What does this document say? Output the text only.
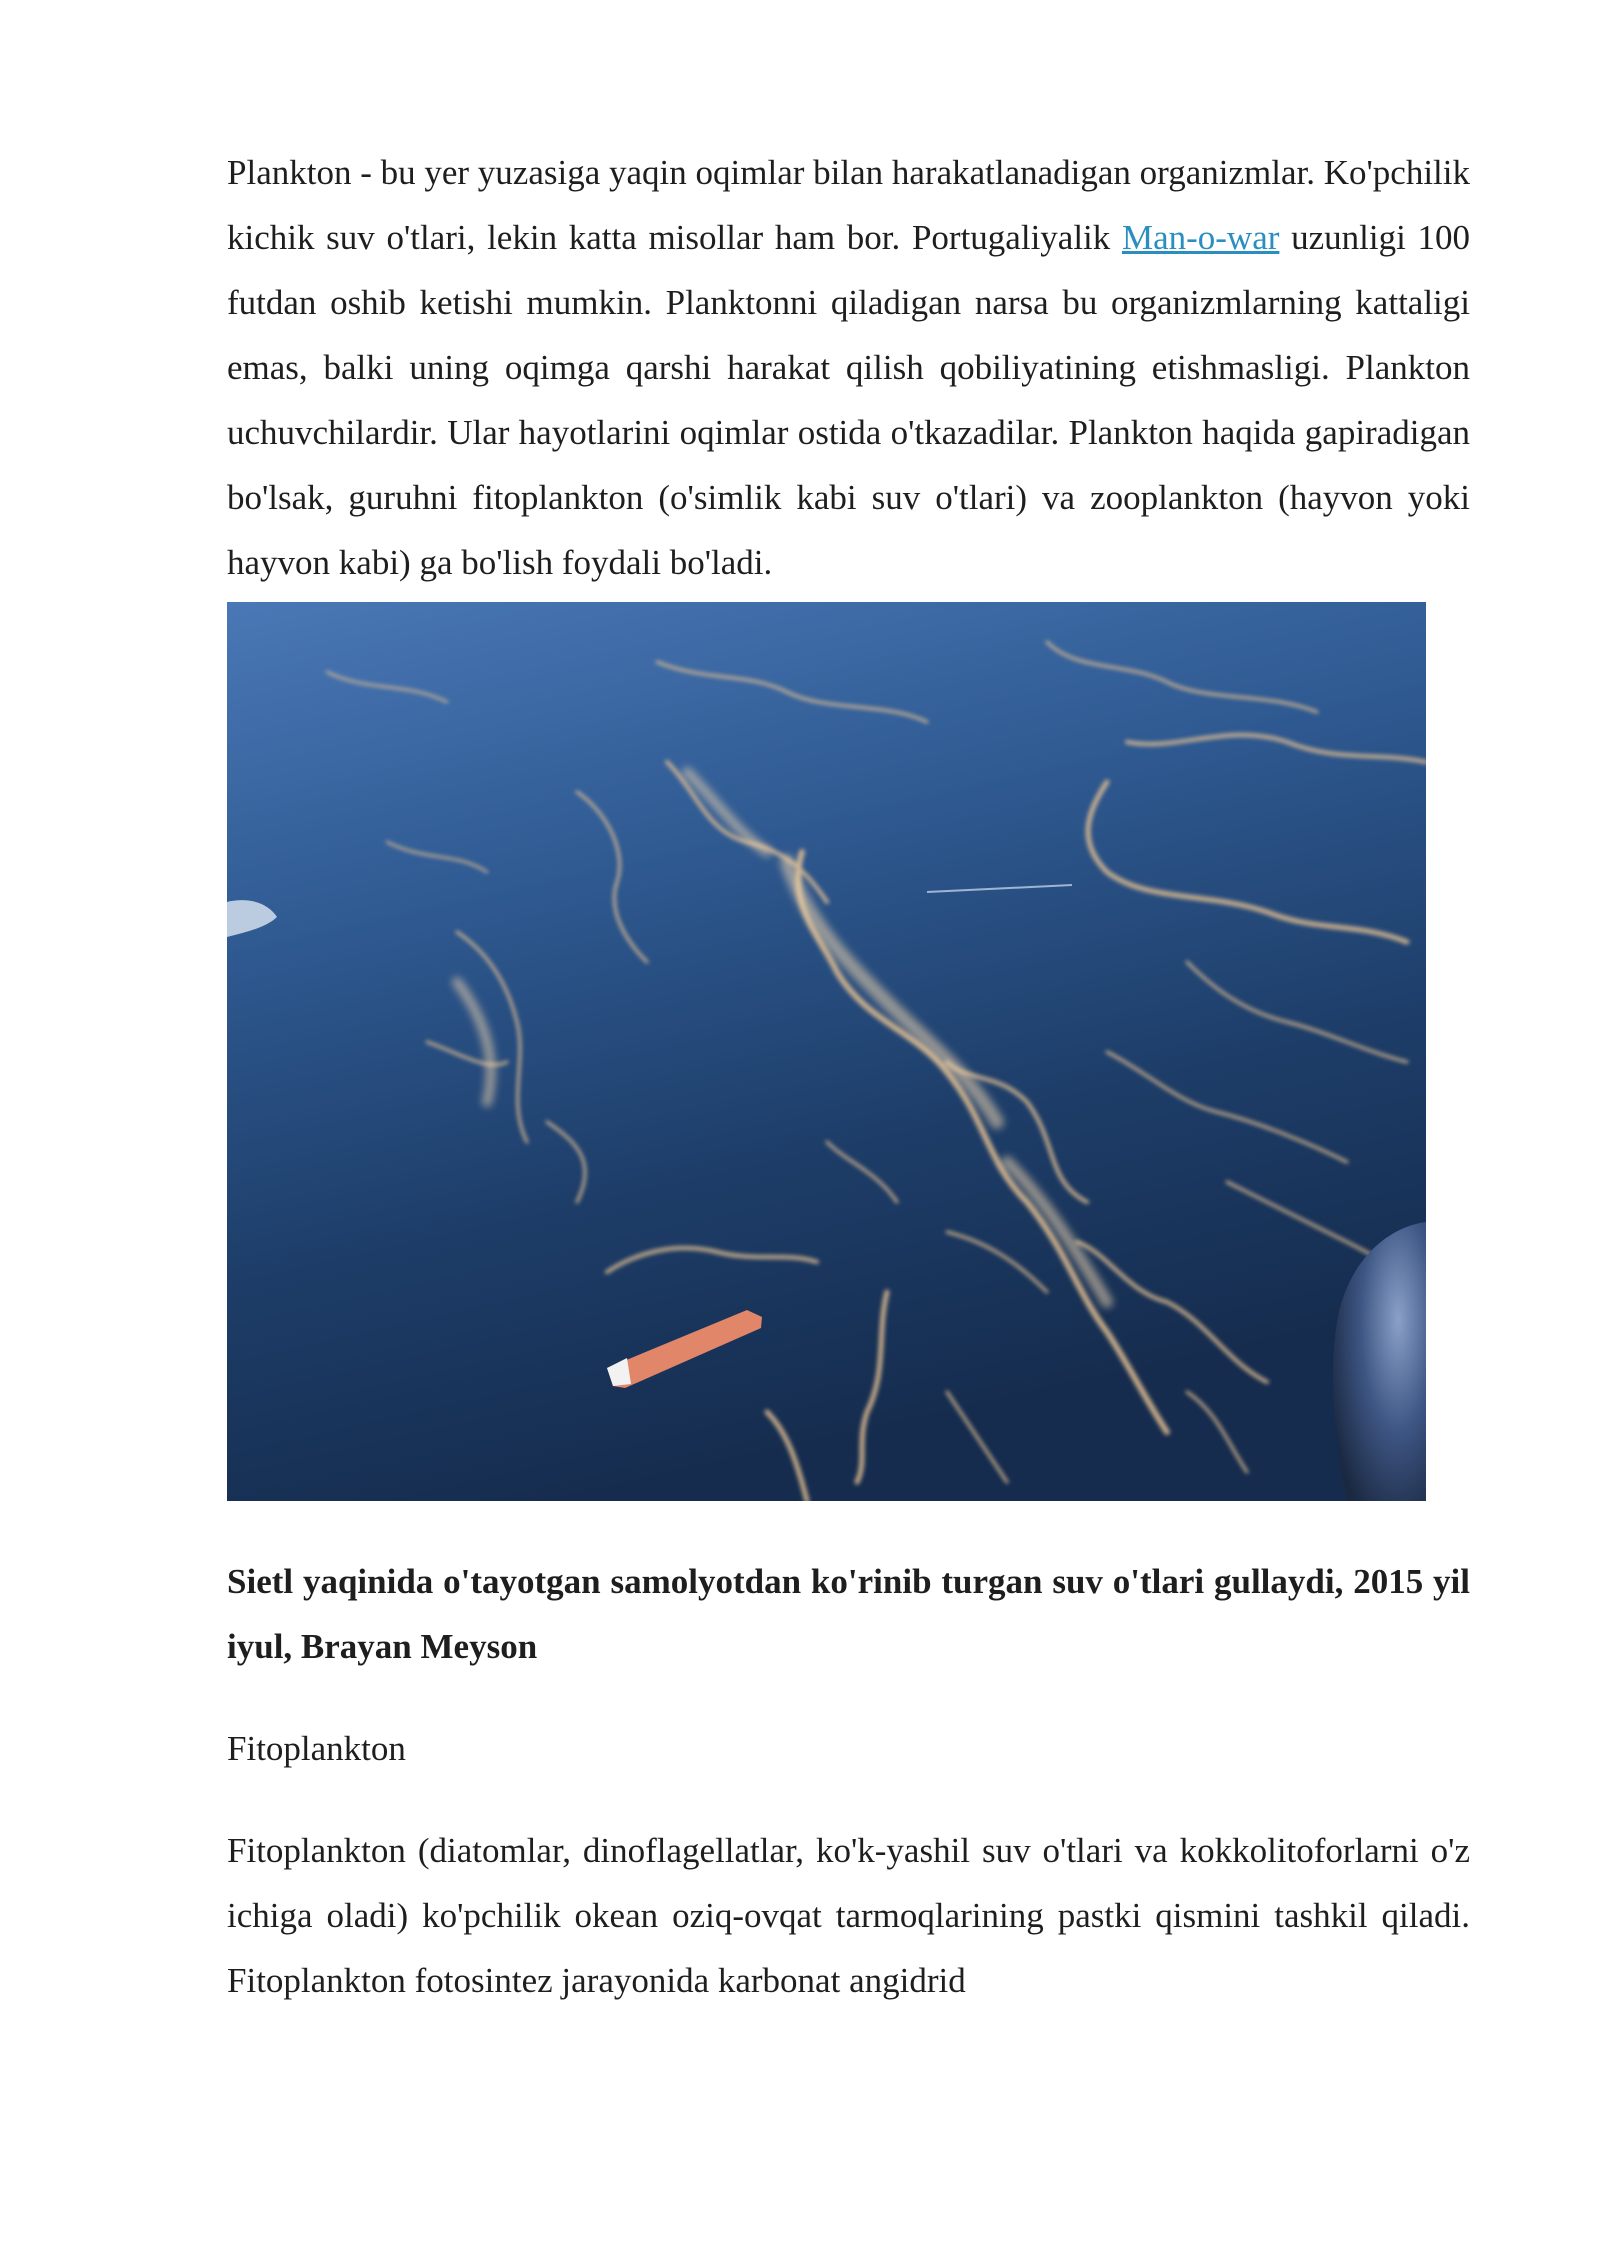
Plankton - bu yer yuzasiga yaqin oqimlar bilan harakatlanadigan organizmlar. Ko'pchilik kichik suv o'tlari, lekin katta misollar ham bor. Portugaliyalik Man-o-war uzunligi 100 futdan oshib ketishi mumkin. Planktonni qiladigan narsa bu organizmlarning kattaligi emas, balki uning oqimga qarshi harakat qilish qobiliyatining etishmasligi. Plankton uchuvchilardir. Ular hayotlarini oqimlar ostida o'tkazadilar. Plankton haqida gapiradigan bo'lsak, guruhni fitoplankton (o'simlik kabi suv o'tlari) va zooplankton (hayvon yoki hayvon kabi) ga bo'lish foydali bo'ladi.

Sietl yaqinida o'tayotgan samolyotdan ko'rinib turgan suv o'tlari gullaydi, 2015 yil iyul, Brayan Meyson

Fitoplankton

Fitoplankton (diatomlar, dinoflagellatlar, ko'k-yashil suv o'tlari va kokkolitoforlarni o'z ichiga oladi) ko'pchilik okean oziq-ovqat tarmoqlarining pastki qismini tashkil qiladi. Fitoplankton fotosintez jarayonida karbonat angidrid
